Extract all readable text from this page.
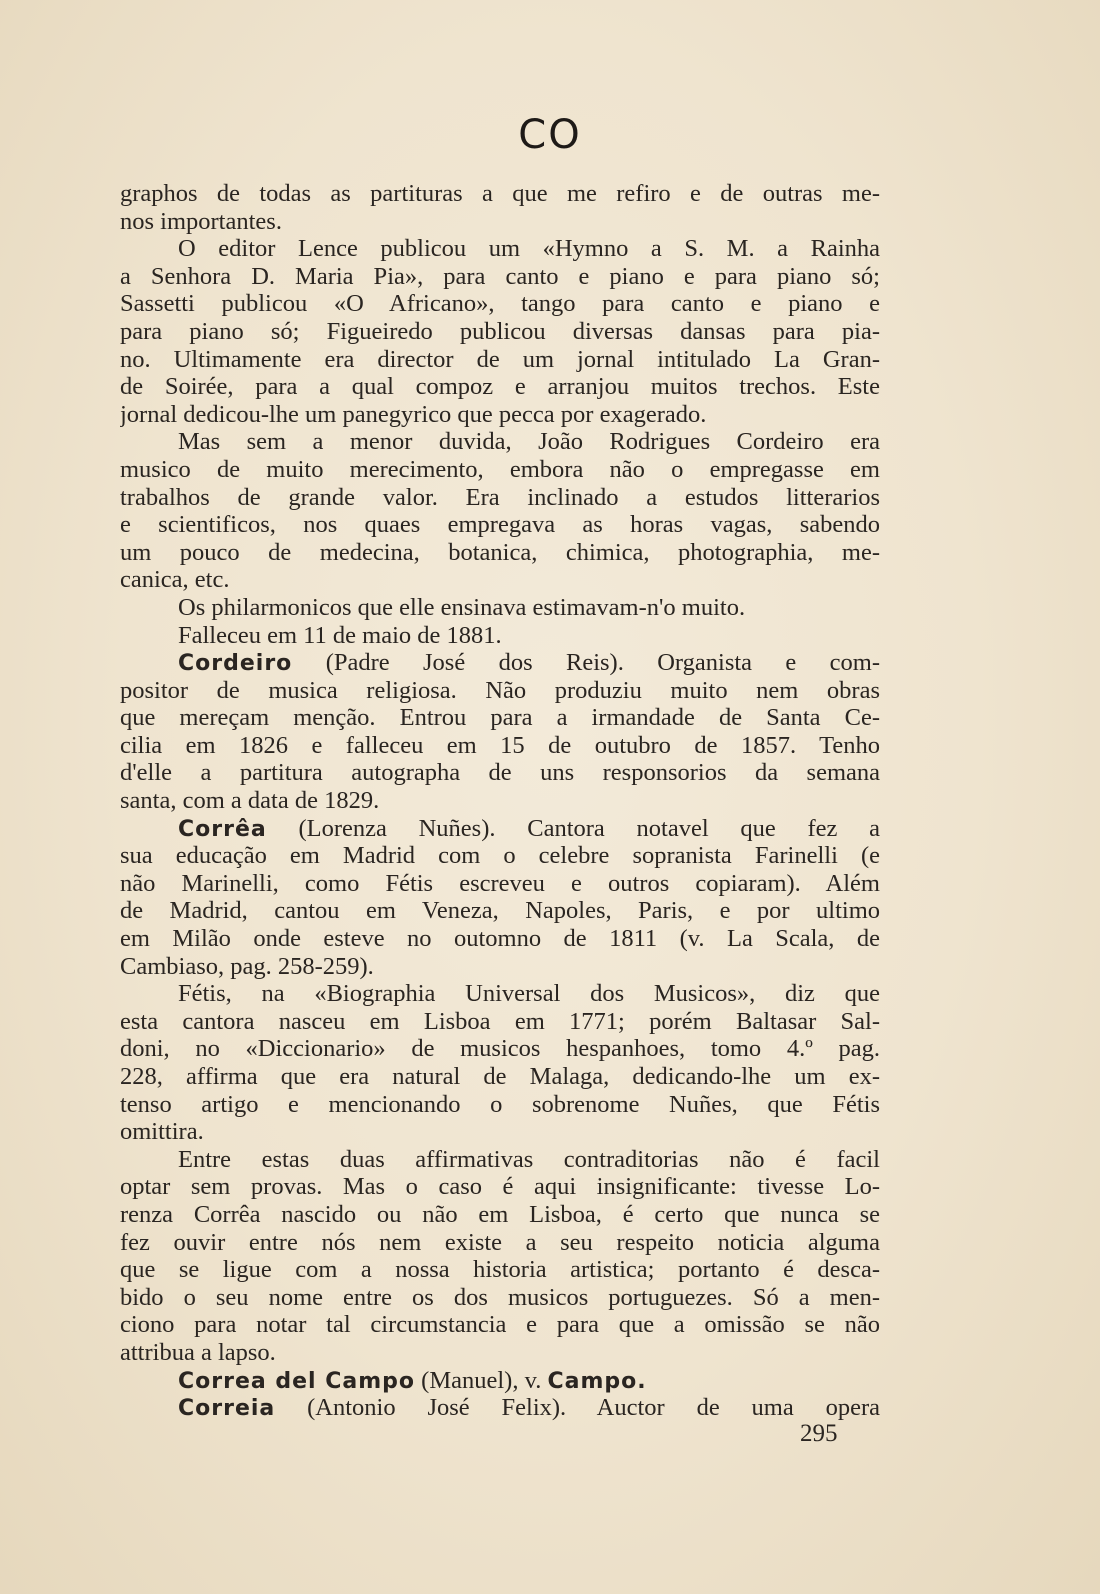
CO
graphos de todas as partituras a que me refiro e de outras me-
nos importantes.
O editor Lence publicou um «Hymno a S. M. a Rainha
a Senhora D. Maria Pia», para canto e piano e para piano só;
Sassetti publicou «O Africano», tango para canto e piano e
para piano só; Figueiredo publicou diversas dansas para pia-
no. Ultimamente era director de um jornal intitulado La Gran-
de Soirée, para a qual compoz e arranjou muitos trechos. Este
jornal dedicou-lhe um panegyrico que pecca por exagerado.
Mas sem a menor duvida, João Rodrigues Cordeiro era
musico de muito merecimento, embora não o empregasse em
trabalhos de grande valor. Era inclinado a estudos litterarios
e scientificos, nos quaes empregava as horas vagas, sabendo
um pouco de medecina, botanica, chimica, photographia, me-
canica, etc.
Os philarmonicos que elle ensinava estimavam-n'o muito.
Falleceu em 11 de maio de 1881.
Cordeiro (Padre José dos Reis). Organista e com-
positor de musica religiosa. Não produziu muito nem obras
que mereçam menção. Entrou para a irmandade de Santa Ce-
cilia em 1826 e falleceu em 15 de outubro de 1857. Tenho
d'elle a partitura autographa de uns responsorios da semana
santa, com a data de 1829.
Corrêa (Lorenza Nuñes). Cantora notavel que fez a
sua educação em Madrid com o celebre sopranista Farinelli (e
não Marinelli, como Fétis escreveu e outros copiaram). Além
de Madrid, cantou em Veneza, Napoles, Paris, e por ultimo
em Milão onde esteve no outomno de 1811 (v. La Scala, de
Cambiaso, pag. 258-259).
Fétis, na «Biographia Universal dos Musicos», diz que
esta cantora nasceu em Lisboa em 1771; porém Baltasar Sal-
doni, no «Diccionario» de musicos hespanhoes, tomo 4.º pag.
228, affirma que era natural de Malaga, dedicando-lhe um ex-
tenso artigo e mencionando o sobrenome Nuñes, que Fétis
omittira.
Entre estas duas affirmativas contraditorias não é facil
optar sem provas. Mas o caso é aqui insignificante: tivesse Lo-
renza Corrêa nascido ou não em Lisboa, é certo que nunca se
fez ouvir entre nós nem existe a seu respeito noticia alguma
que se ligue com a nossa historia artistica; portanto é desca-
bido o seu nome entre os dos musicos portuguezes. Só a men-
ciono para notar tal circumstancia e para que a omissão se não
attribua a lapso.
Correa del Campo (Manuel), v. Campo.
Correia (Antonio José Felix). Auctor de uma opera
295
